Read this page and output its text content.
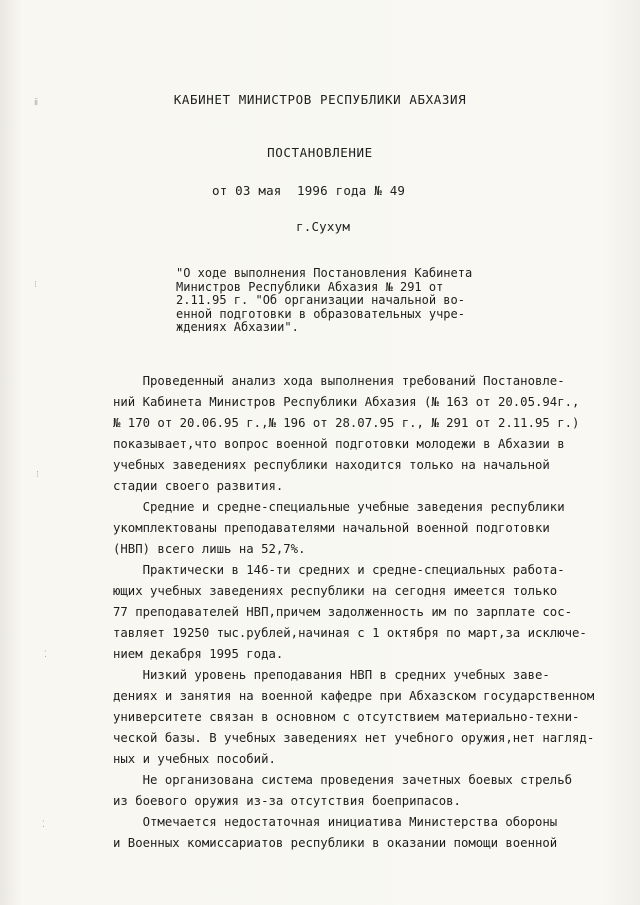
ⅱ
⁝
⁝
⁚
⁚
КАБИНЕТ МИНИСТРОВ РЕСПУБЛИКИ АБХАЗИЯ
ПОСТАНОВЛЕНИЕ
от 03 мая  1996 года № 49
г.Сухум
"О ходе выполнения Постановления Кабинета
Министров Республики Абхазия № 291 от
2.11.95 г. "Об организации начальной во-
енной подготовки в образовательных учре-
ждениях Абхазии".
Проведенный анализ хода выполнения требований Постановле-
ний Кабинета Министров Республики Абхазия (№ 163 от 20.05.94г.,
№ 170 от 20.06.95 г.,№ 196 от 28.07.95 г., № 291 от 2.11.95 г.)
показывает,что вопрос военной подготовки молодежи в Абхазии в
учебных заведениях республики находится только на начальной
стадии своего развития.
Средние и средне-специальные учебные заведения республики
укомплектованы преподавателями начальной военной подготовки
(НВП) всего лишь на 52,7%.
Практически в 146-ти средних и средне-специальных работа-
ющих учебных заведениях республики на сегодня имеется только
77 преподавателей НВП,причем задолженность им по зарплате сос-
тавляет 19250 тыс.рублей,начиная с 1 октября по март,за исключе-
нием декабря 1995 года.
Низкий уровень преподавания НВП в средних учебных заве-
дениях и занятия на военной кафедре при Абхазском государственном
университете связан в основном с отсутствием материально-техни-
ческой базы. В учебных заведениях нет учебного оружия,нет нагляд-
ных и учебных пособий.
Не организована система проведения зачетных боевых стрельб
из боевого оружия из-за отсутствия боеприпасов.
Отмечается недостаточная инициатива Министерства обороны
и Военных комиссариатов республики в оказании помощи военной
